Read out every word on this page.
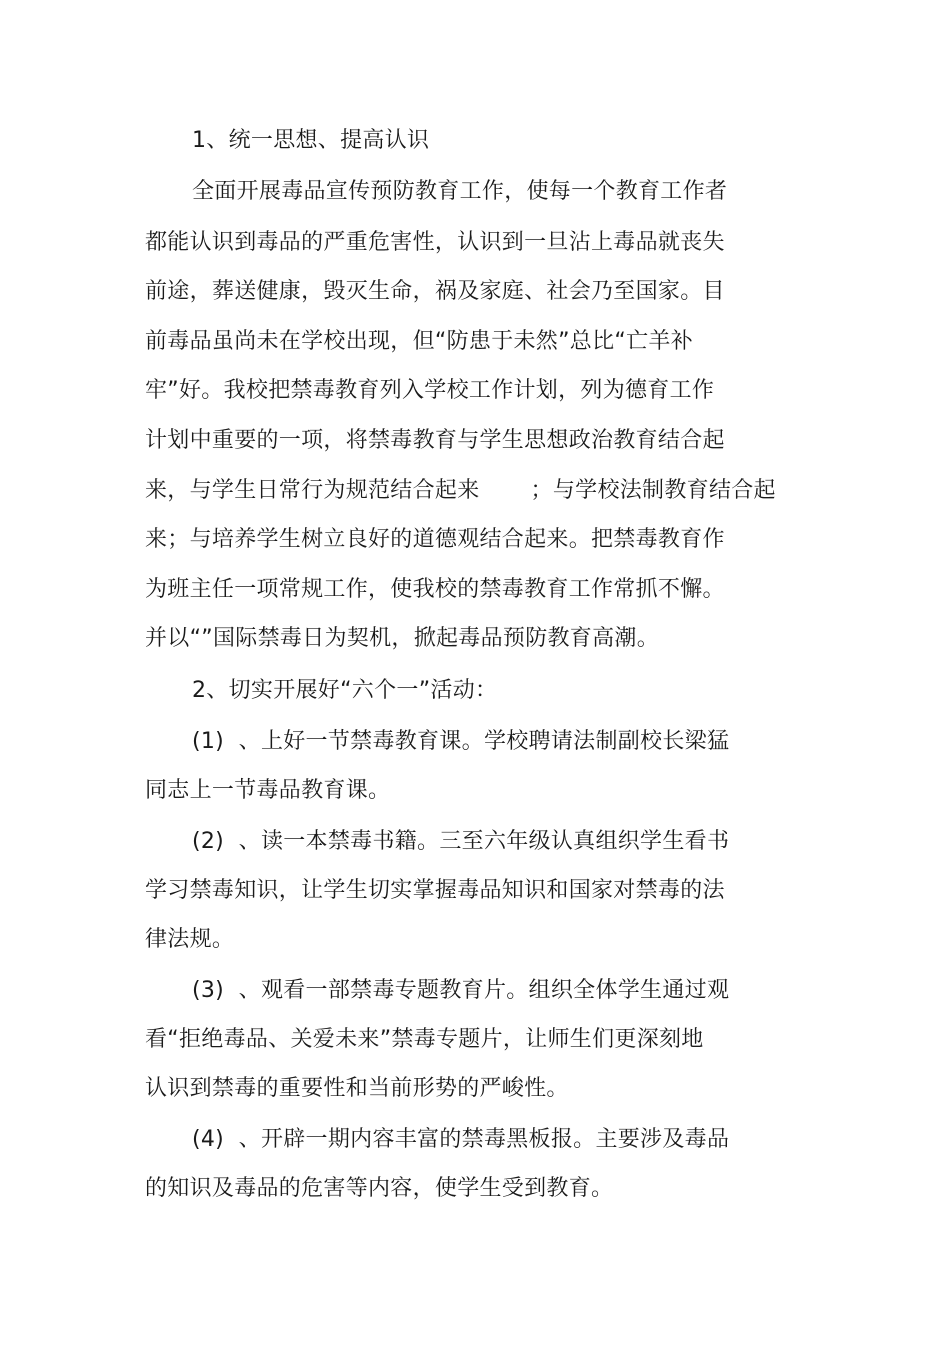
1、统一思想、提高认识
全面开展毒品宣传预防教育工作，使每一个教育工作者
都能认识到毒品的严重危害性，认识到一旦沾上毒品就丧失
前途，葬送健康，毁灭生命，祸及家庭、社会乃至国家。目
前毒品虽尚未在学校出现，但“防患于未然”总比“亡羊补
牢”好。我校把禁毒教育列入学校工作计划，列为德育工作
计划中重要的一项，将禁毒教育与学生思想政治教育结合起
来，与学生日常行为规范结合起来       ；与学校法制教育结合起
来；与培养学生树立良好的道德观结合起来。把禁毒教育作
为班主任一项常规工作，使我校的禁毒教育工作常抓不懈。
并以“”国际禁毒日为契机，掀起毒品预防教育高潮。
2、切实开展好“六个一”活动：
(1)  、上好一节禁毒教育课。学校聘请法制副校长梁猛
同志上一节毒品教育课。
(2)  、读一本禁毒书籍。三至六年级认真组织学生看书
学习禁毒知识，让学生切实掌握毒品知识和国家对禁毒的法
律法规。
(3)  、观看一部禁毒专题教育片。组织全体学生通过观
看“拒绝毒品、关爱未来”禁毒专题片，让师生们更深刻地
认识到禁毒的重要性和当前形势的严峻性。
(4)  、开辟一期内容丰富的禁毒黑板报。主要涉及毒品
的知识及毒品的危害等内容，使学生受到教育。
